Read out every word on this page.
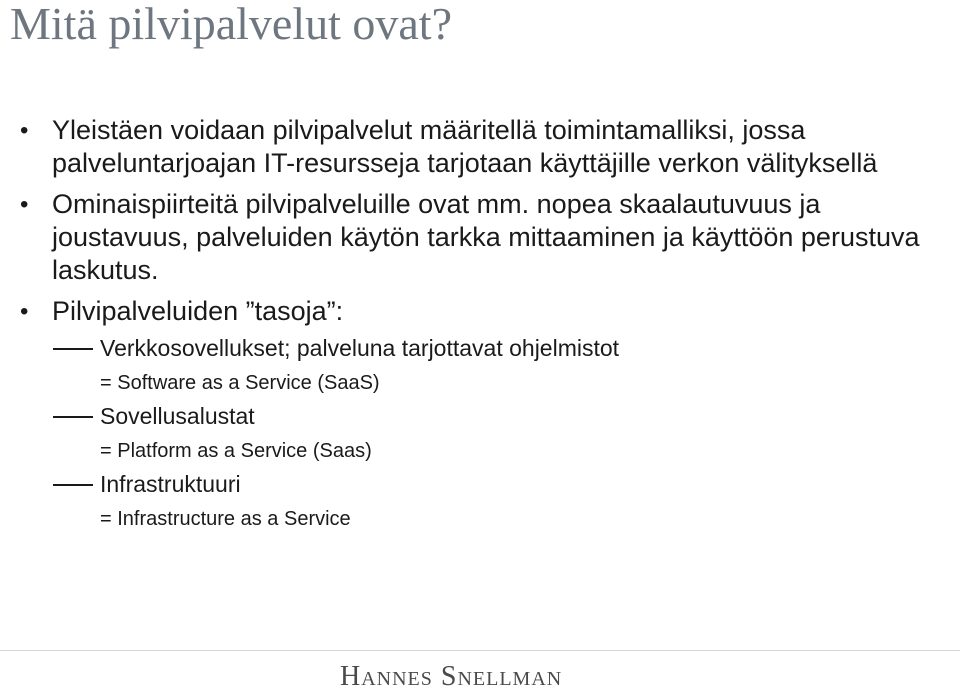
Mitä pilvipalvelut ovat?
• Yleistäen voidaan pilvipalvelut määritellä toimintamalliksi, jossa palveluntarjoajan IT-resursseja tarjotaan käyttäjille verkon välityksellä
• Ominaispiirteitä pilvipalveluille ovat mm. nopea skaalautuvuus ja joustavuus, palveluiden käytön tarkka mittaaminen ja käyttöön perustuva laskutus.
• Pilvipalveluiden ”tasoja”:
Verkkosovellukset; palveluna tarjottavat ohjelmistot
= Software as a Service (SaaS)
Sovellusalustat
= Platform as a Service (Saas)
Infrastruktuuri
= Infrastructure as a Service
Hannes Snellman
